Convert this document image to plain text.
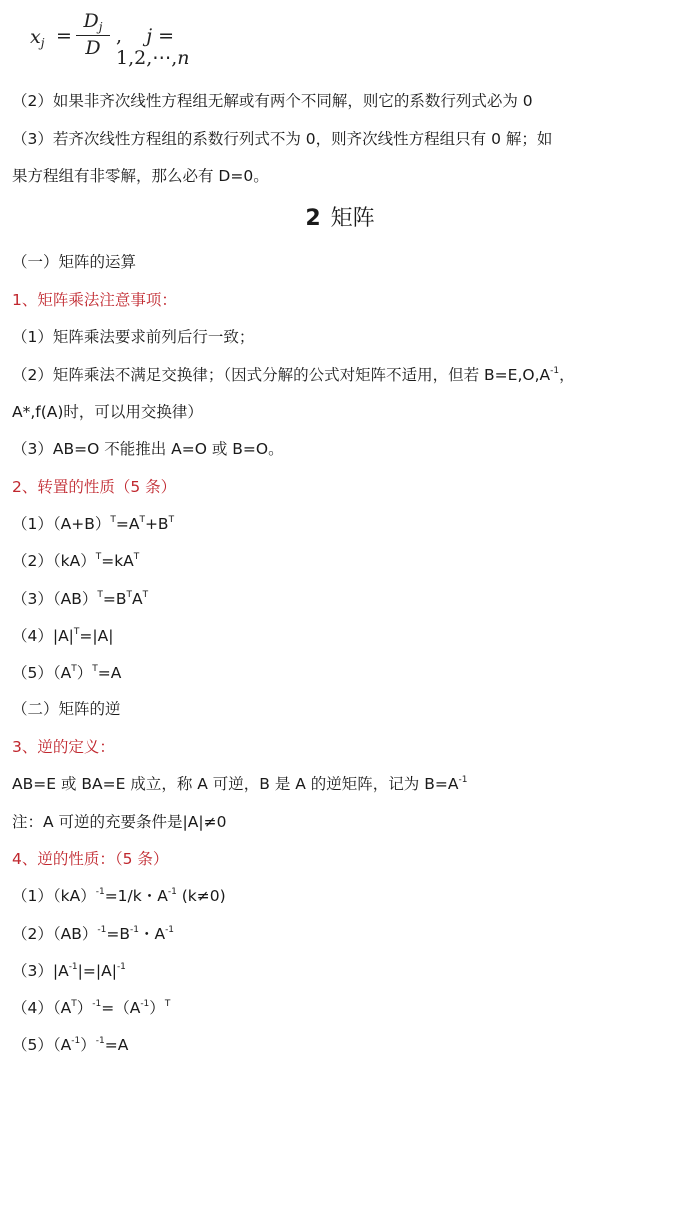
$x_j$ =
$D_j$
D
, j = 1,2,⋯,n
（2）如果非齐次线性方程组无解或有两个不同解，则它的系数行列式必为 0
（3）若齐次线性方程组的系数行列式不为 0，则齐次线性方程组只有 0 解；如
果方程组有非零解，那么必有 D=0。
2 矩阵
（一）矩阵的运算
1、矩阵乘法注意事项：
（1）矩阵乘法要求前列后行一致；
（2）矩阵乘法不满足交换律；（因式分解的公式对矩阵不适用，但若 $B=E,O,A^{-1}$，
A*,f(A)时，可以用交换律）
（3）AB=O 不能推出 A=O 或 B=O。
2、转置的性质（5 条）
$(1)(A+B)^T=A^T+B^T$
$(2)(kA)^T=kA^T$
$(3)(AB)^T=B^TA^T$
$(4)|A|^T=|A|$
$(5)(A^T)^T=A$
（二）矩阵的逆
3、逆的定义：
AB=E 或 BA=E 成立，称 A 可逆，B 是 A 的逆矩阵，记为 $B=A^{-1}$
注：A 可逆的充要条件是|A|≠0
4、逆的性质：（5 条）
（1）（kA）$^{-1}$=1/k・$A^{-1}$ (k≠0)
$(2)(AB)^{-1}=B^{-1}$・$A^{-1}$
$(3)|A^{-1}|=|A|^{-1}$
$(4)(A^T)^{-1}=(A^{-1})^T$
$(5)(A^{-1})^{-1}=A$
